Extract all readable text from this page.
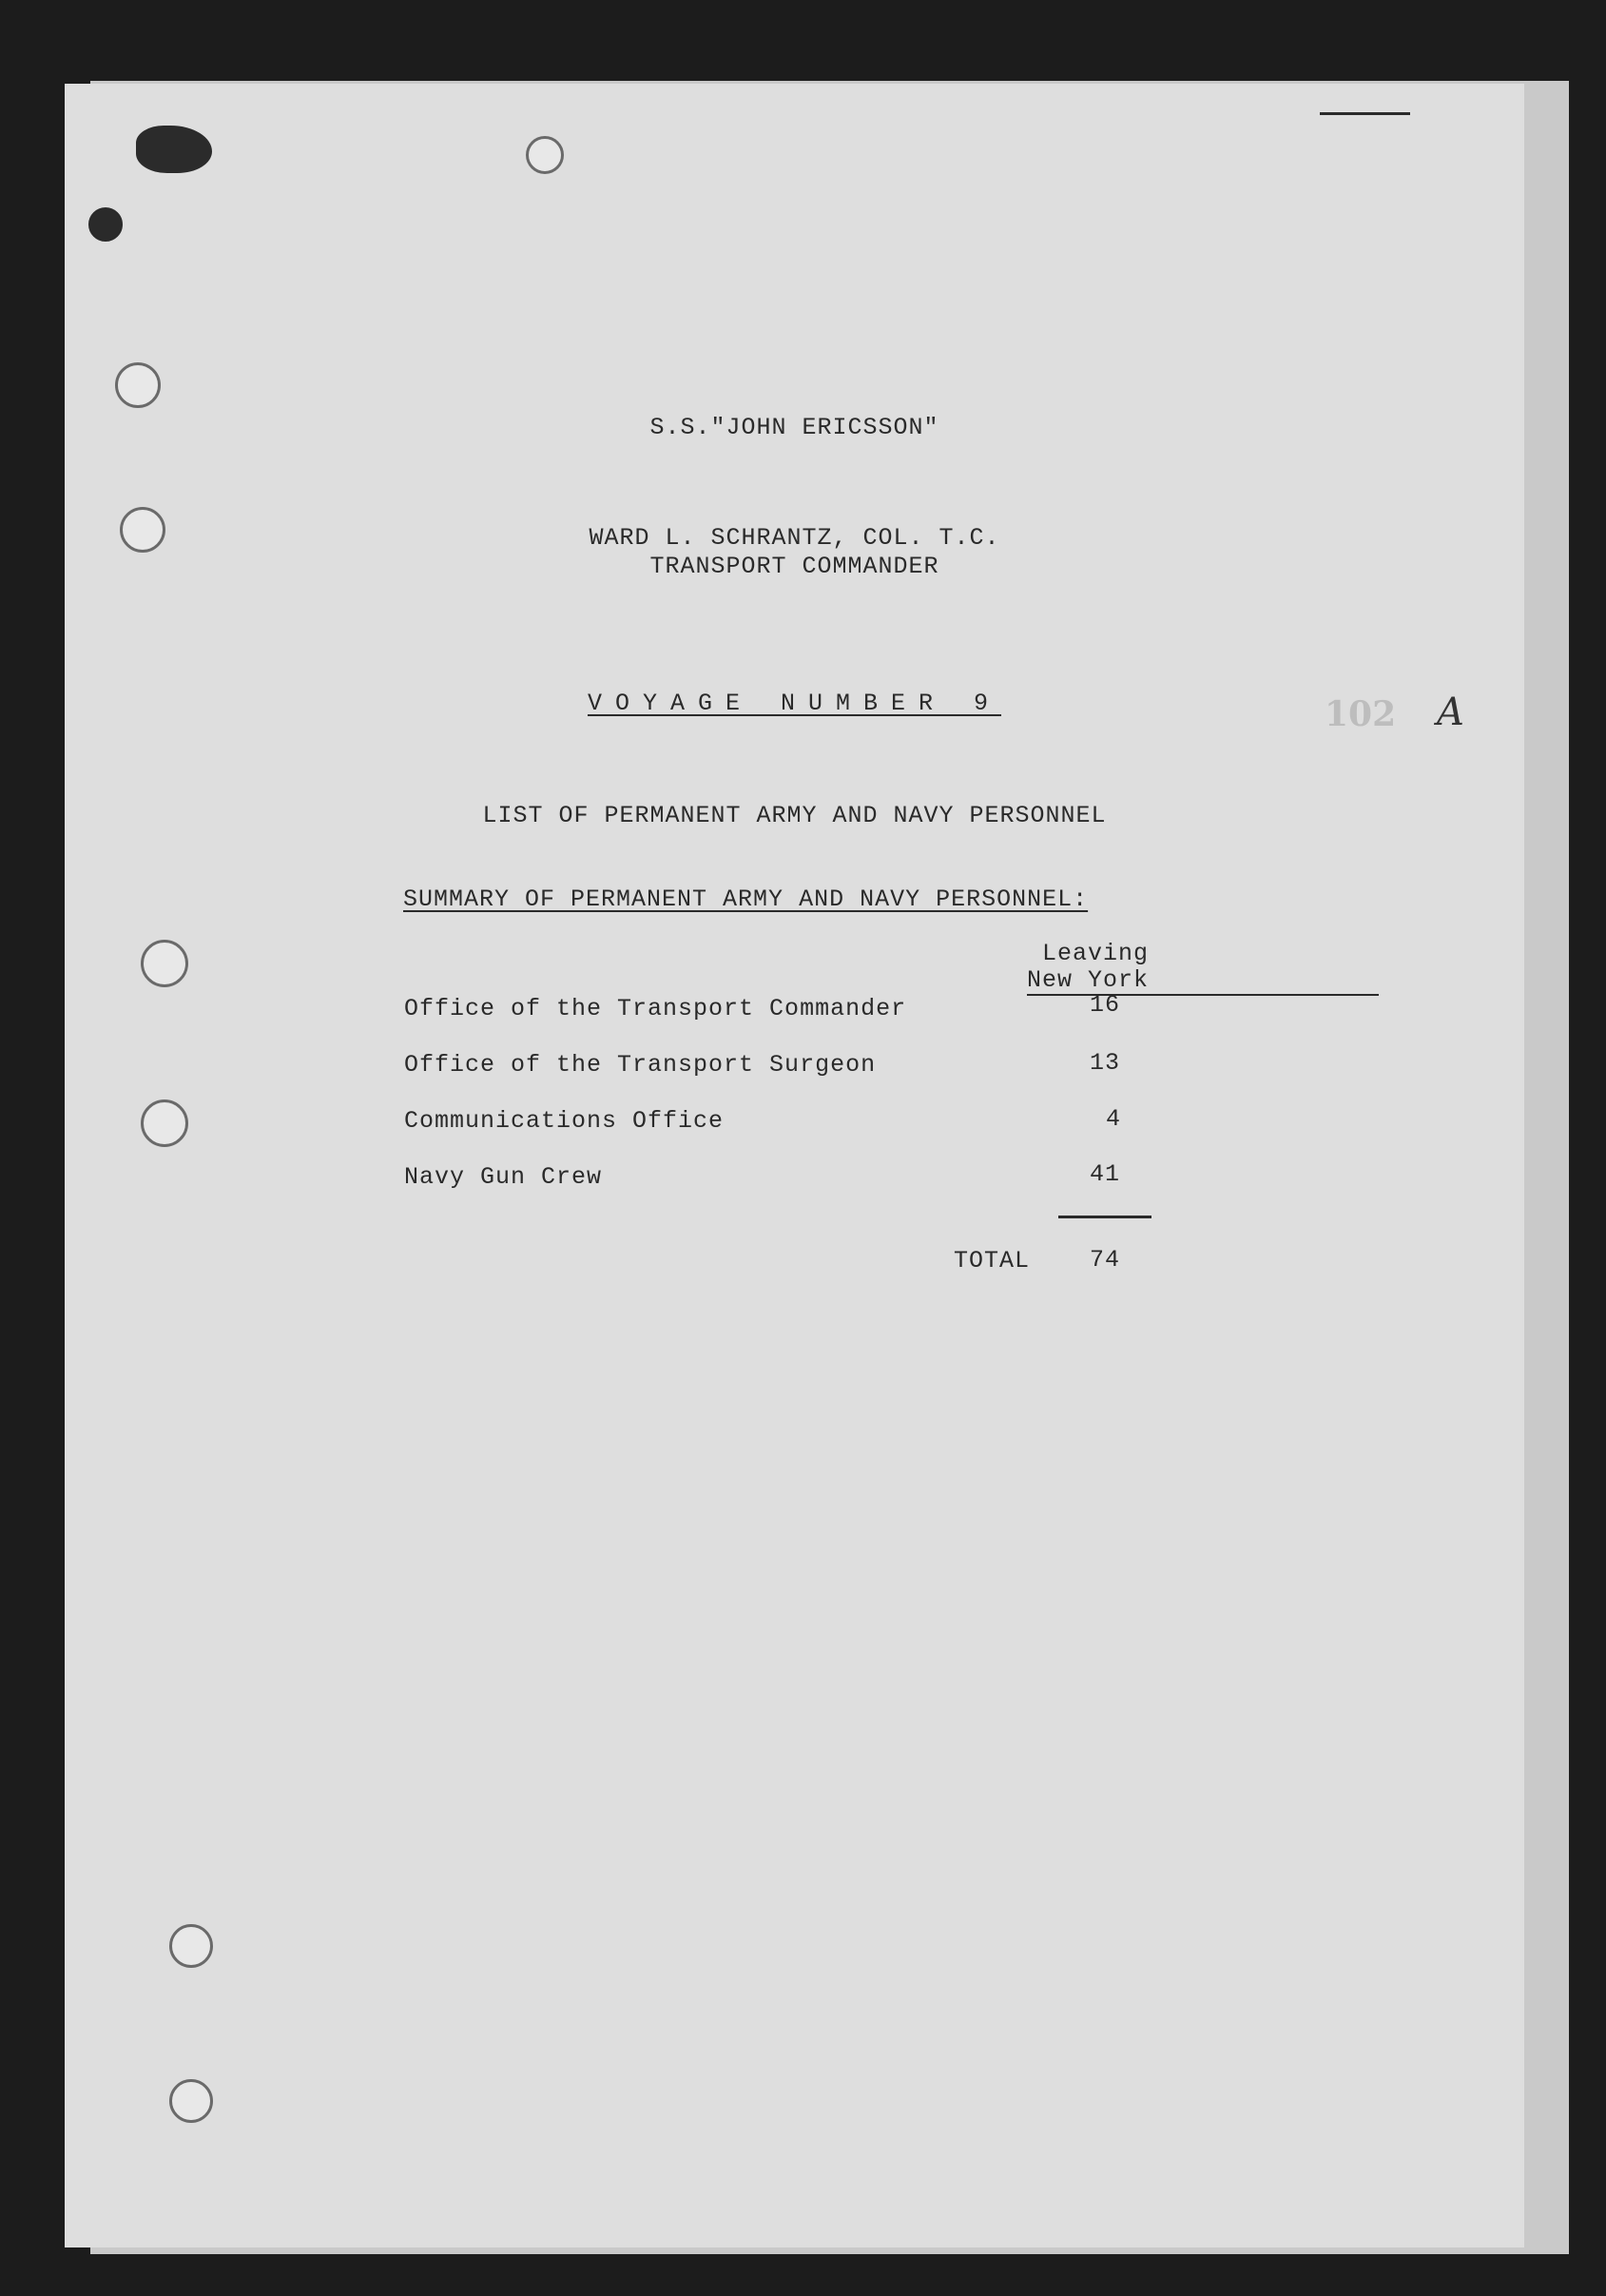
S.S."JOHN ERICSSON"
WARD L. SCHRANTZ, COL. T.C.
TRANSPORT COMMANDER
VOYAGE NUMBER 9	102 A
LIST OF PERMANENT ARMY AND NAVY PERSONNEL
SUMMARY OF PERMANENT ARMY AND NAVY PERSONNEL:
Leaving
New York
Office of the Transport Commander	16
Office of the Transport Surgeon	13
Communications Office	4
Navy Gun Crew	41
TOTAL	74
